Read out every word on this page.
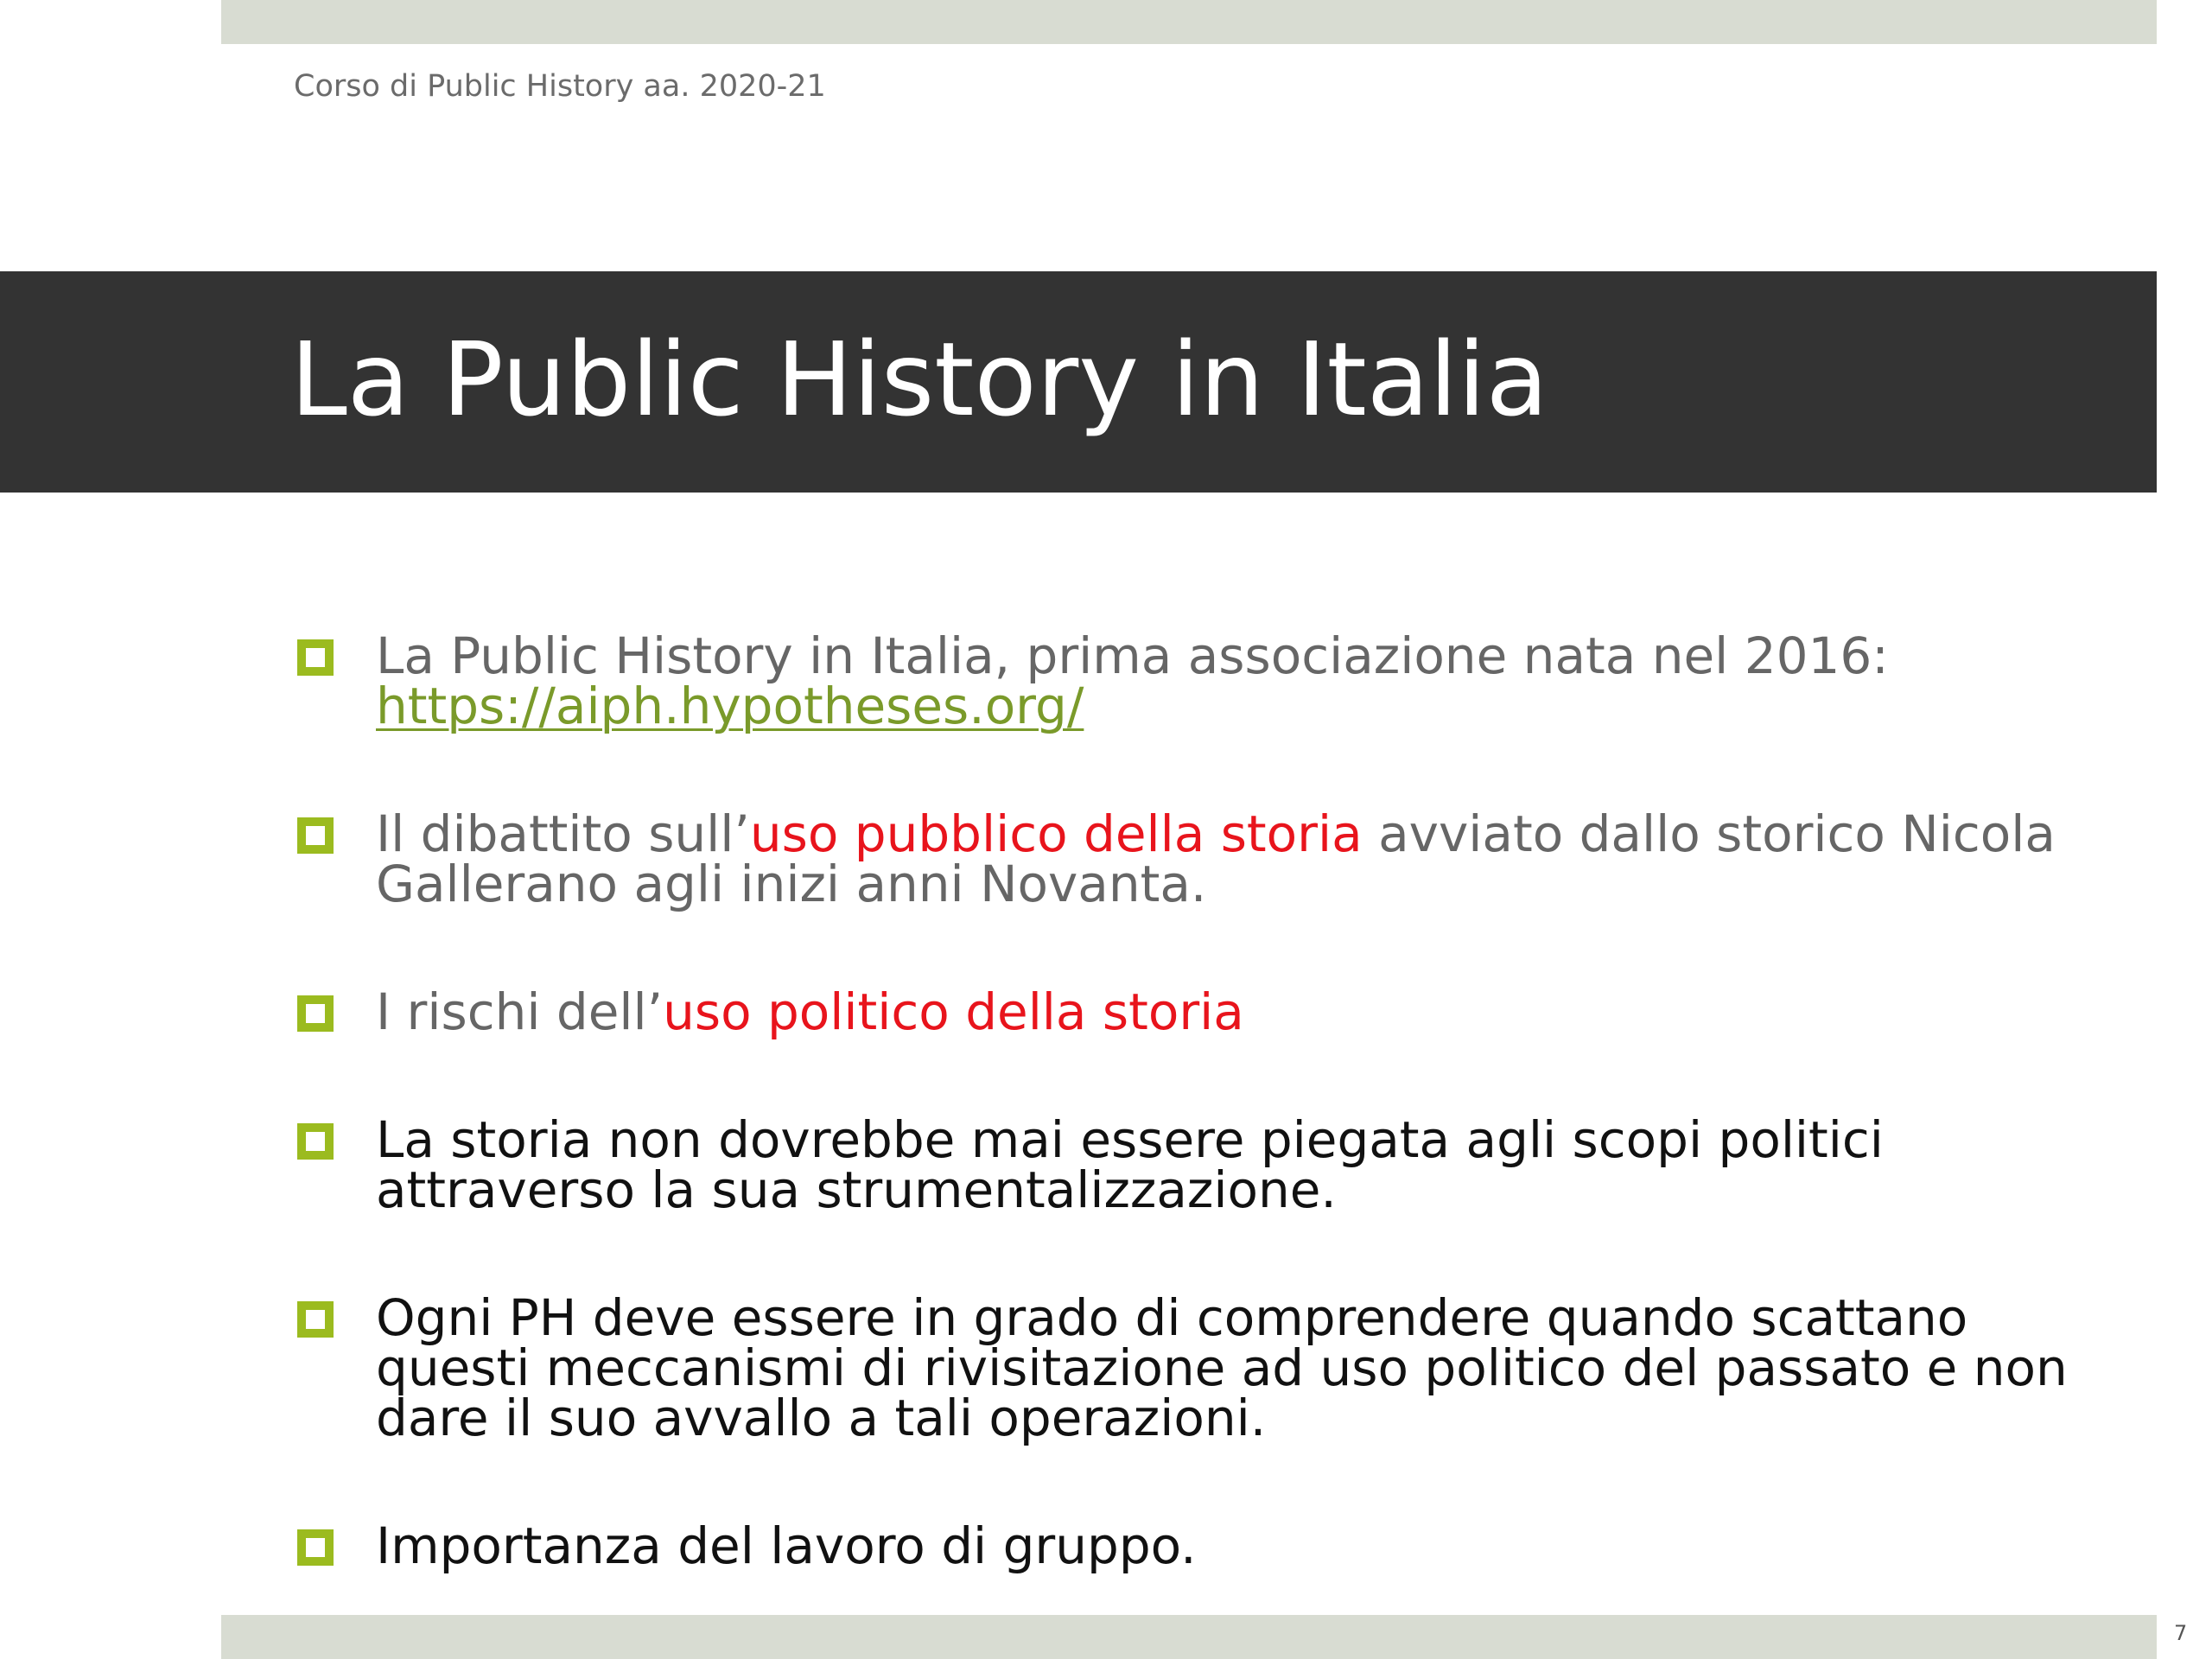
Corso di Public History aa. 2020-21
La Public History in Italia
La Public History in Italia, prima associazione nata nel 2016:
https://aiph.hypotheses.org/
Il dibattito sull’uso pubblico della storia avviato dallo storico Nicola Gallerano agli inizi anni Novanta.
I rischi dell’uso politico della storia
La storia non dovrebbe mai essere piegata agli scopi politici attraverso la sua strumentalizzazione.
Ogni PH deve essere in grado di comprendere quando scattano questi meccanismi di rivisitazione ad uso politico del passato e non dare il suo avvallo a tali operazioni.
Importanza del lavoro di gruppo.
7
